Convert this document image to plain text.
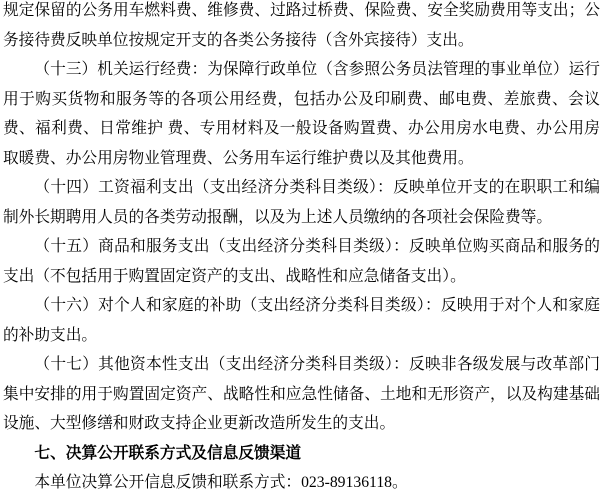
规定保留的公务用车燃料费、维修费、过路过桥费、保险费、安全奖励费用等支出；公务接待费反映单位按规定开支的各类公务接待（含外宾接待）支出。

（十三）机关运行经费：为保障行政单位（含参照公务员法管理的事业单位）运行用于购买货物和服务等的各项公用经费，包括办公及印刷费、邮电费、差旅费、会议费、福利费、日常维护 费、专用材料及一般设备购置费、办公用房水电费、办公用房取暖费、办公用房物业管理费、公务用车运行维护费以及其他费用。

（十四）工资福利支出（支出经济分类科目类级）：反映单位开支的在职职工和编制外长期聘用人员的各类劳动报酬，以及为上述人员缴纳的各项社会保险费等。

（十五）商品和服务支出（支出经济分类科目类级）：反映单位购买商品和服务的支出（不包括用于购置固定资产的支出、战略性和应急储备支出）。

（十六）对个人和家庭的补助（支出经济分类科目类级）：反映用于对个人和家庭的补助支出。

（十七）其他资本性支出（支出经济分类科目类级）：反映非各级发展与改革部门集中安排的用于购置固定资产、战略性和应急性储备、土地和无形资产，以及构建基础设施、大型修缮和财政支持企业更新改造所发生的支出。

七、决算公开联系方式及信息反馈渠道

本单位决算公开信息反馈和联系方式：023-89136118。
